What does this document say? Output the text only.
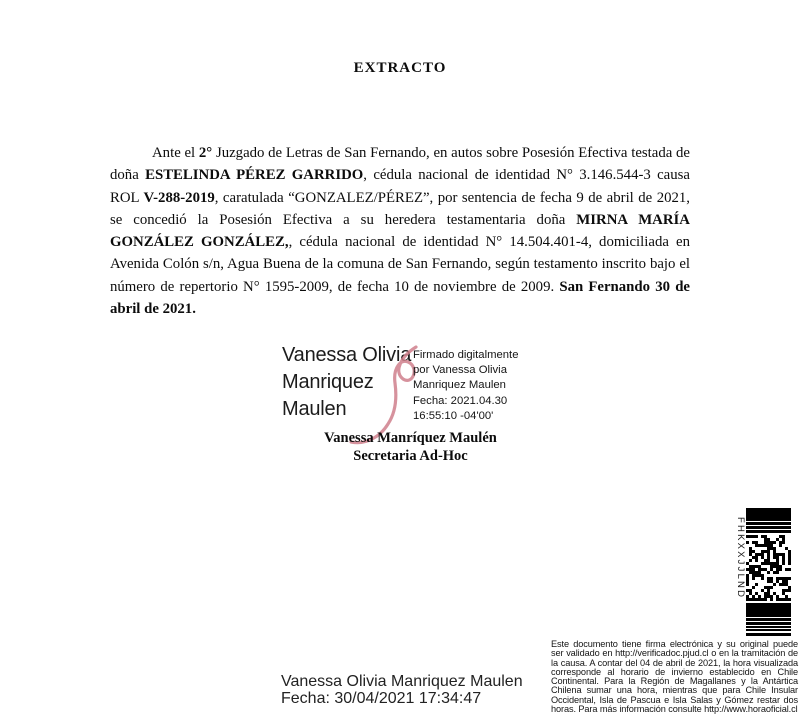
EXTRACTO
Ante el 2° Juzgado de Letras de San Fernando, en autos sobre Posesión Efectiva testada de doña ESTELINDA PÉREZ GARRIDO, cédula nacional de identidad N° 3.146.544-3 causa ROL V-288-2019, caratulada “GONZALEZ/PÉREZ”, por sentencia de fecha 9 de abril de 2021, se concedió la Posesión Efectiva a su heredera testamentaria doña MIRNA MARÍA GONZÁLEZ GONZÁLEZ,, cédula nacional de identidad N° 14.504.401-4, domiciliada en Avenida Colón s/n, Agua Buena de la comuna de San Fernando, según testamento inscrito bajo el número de repertorio N° 1595-2009, de fecha 10 de noviembre de 2009. San Fernando 30 de abril de 2021.
Vanessa Olivia
Manriquez
Maulen
Firmado digitalmente
por Vanessa Olivia
Manriquez Maulen
Fecha: 2021.04.30
16:55:10 -04'00'
Vanessa Manríquez Maulén
Secretaria Ad-Hoc
FHKXXJJLND
Este documento tiene firma electrónica y su original puede ser validado en http://verificadoc.pjud.cl o en la tramitación de la causa. A contar del 04 de abril de 2021, la hora visualizada corresponde al horario de invierno establecido en Chile Continental. Para la Región de Magallanes y la Antártica Chilena sumar una hora, mientras que para Chile Insular Occidental, Isla de Pascua e Isla Salas y Gómez restar dos horas. Para más información consulte http://www.horaoficial.cl
Vanessa Olivia Manriquez Maulen
Fecha: 30/04/2021 17:34:47
